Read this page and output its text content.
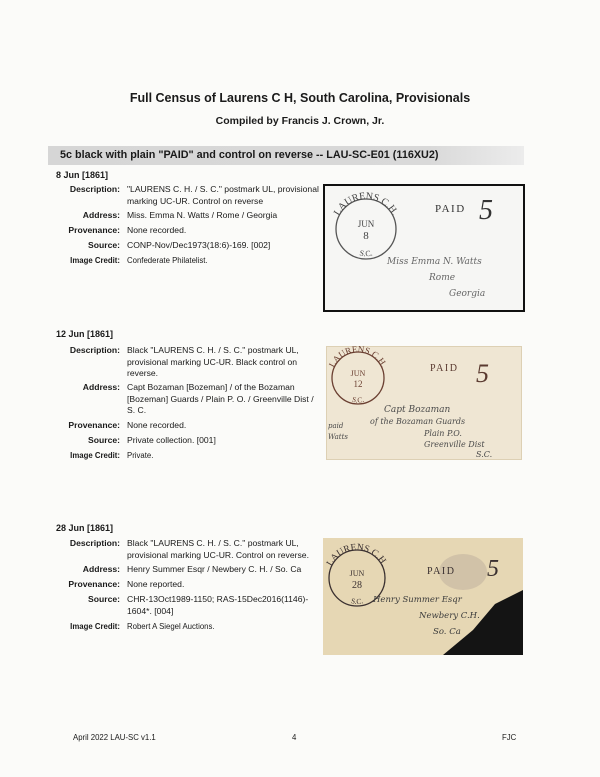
Full Census of Laurens C H, South Carolina, Provisionals
Compiled by Francis J. Crown, Jr.
5c black with plain "PAID" and control on reverse -- LAU-SC-E01 (116XU2)
8 Jun [1861]
Description: "LAURENS C. H. / S. C." postmark UL, provisional
marking UC-UR. Control on reverse
Address: Miss. Emma N. Watts / Rome / Georgia
Provenance: None recorded.
Source: CONP-Nov/Dec1973(18:6)-169. [002]
Image Credit: Confederate Philatelist.
LAURENS C.H.
S.C.
JUN
8
PAID 5
Miss Emma N. Watts
Rome
Georgia
12 Jun [1861]
Description: Black "LAURENS C. H. / S. C." postmark UL,
provisional marking UC-UR. Black control on
reverse.
Address: Capt Bozaman [Bozeman] / of the Bozaman
[Bozeman] Guards / Plain P. O. / Greenville Dist /
S. C.
Provenance: None recorded.
Source: Private collection. [001]
Image Credit: Private.
LAURENS C.H.
S.C.
JUN
12
PAID 5
Capt Bozaman
of the Bozaman Guards
Plain P.O.
Greenville Dist
S.C.
paid
Watts
28 Jun [1861]
Description: Black "LAURENS C. H. / S. C." postmark UL,
provisional marking UC-UR. Control on reverse.
Address: Henry Summer Esqr / Newbery C. H. / So. Ca
Provenance: None reported.
Source: CHR-13Oct1989-1150; RAS-15Dec2016(1146)-
1604*. [004]
Image Credit: Robert A Siegel Auctions.
LAURENS C.H.
S.C.
JUN
28
PAID 5
Henry Summer Esqr
Newbery C.H.
So. Ca
April 2022 LAU-SC v1.1	4	FJC
